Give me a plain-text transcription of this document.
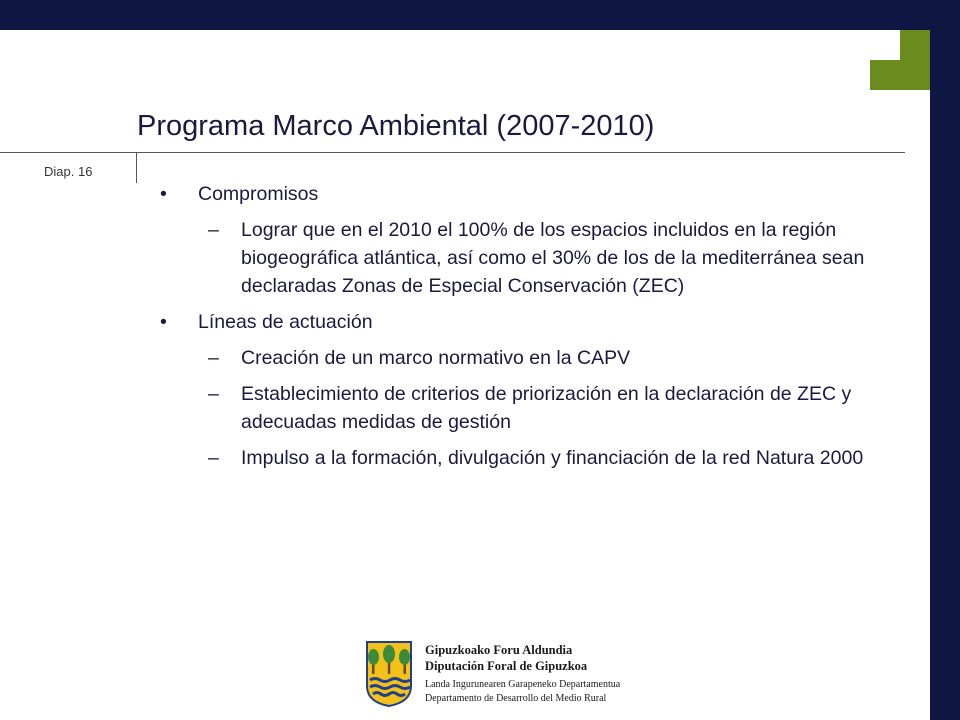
Programa Marco Ambiental (2007-2010)
Diap. 16
• Compromisos
– Lograr que en el 2010 el 100% de los espacios incluidos en la región biogeográfica atlántica, así como el 30% de los de la mediterránea sean declaradas Zonas de Especial Conservación (ZEC)
• Líneas de actuación
– Creación de un marco normativo en la CAPV
– Establecimiento de criterios de priorización en la declaración de ZEC y adecuadas medidas de gestión
– Impulso a la formación, divulgación y financiación de la red Natura 2000
Gipuzkoako Foru Aldundia
Diputación Foral de Gipuzkoa
Landa Ingurunearen Garapeneko Departamentua
Departamento de Desarrollo del Medio Rural
